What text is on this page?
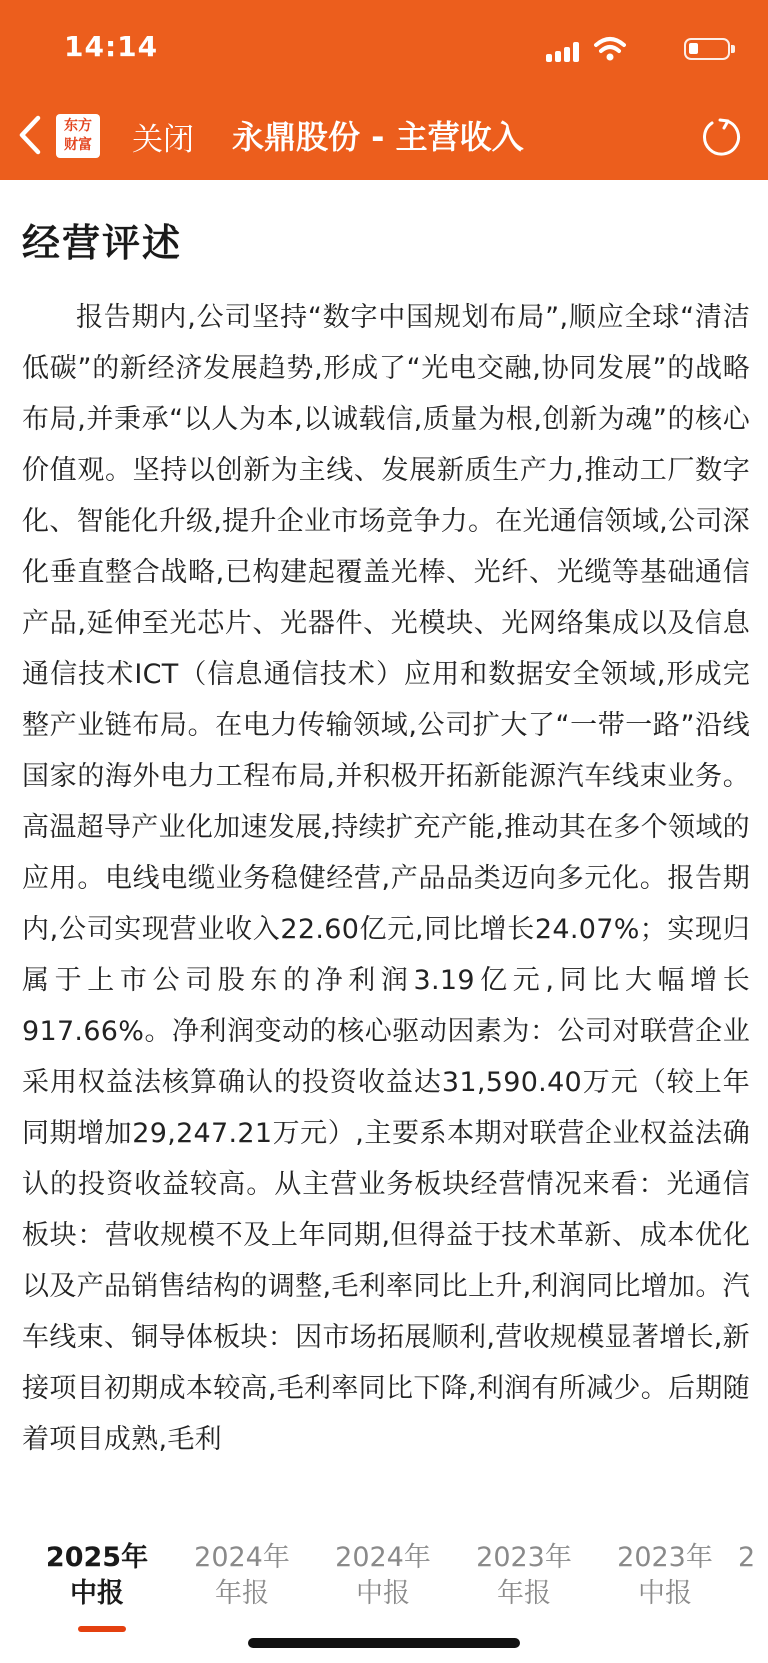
14:14
东方
财富 关闭 永鼎股份 - 主营收入
经营评述
报告期内,公司坚持“数字中国规划布局”,顺应全球“清洁低碳”的新经济发展趋势,形成了“光电交融,协同发展”的战略布局,并秉承“以人为本,以诚载信,质量为根,创新为魂”的核心价值观。坚持以创新为主线、发展新质生产力,推动工厂数字化、智能化升级,提升企业市场竞争力。在光通信领域,公司深化垂直整合战略,已构建起覆盖光棒、光纤、光缆等基础通信产品,延伸至光芯片、光器件、光模块、光网络集成以及信息通信技术ICT（信息通信技术）应用和数据安全领域,形成完整产业链布局。在电力传输领域,公司扩大了“一带一路”沿线国家的海外电力工程布局,并积极开拓新能源汽车线束业务。高温超导产业化加速发展,持续扩充产能,推动其在多个领域的应用。电线电缆业务稳健经营,产品品类迈向多元化。报告期内,公司实现营业收入22.60亿元,同比增长24.07%；实现归属于上市公司股东的净利润3.19亿元,同比大幅增长917.66%。净利润变动的核心驱动因素为：公司对联营企业采用权益法核算确认的投资收益达31,590.40万元（较上年同期增加29,247.21万元）,主要系本期对联营企业权益法确认的投资收益较高。从主营业务板块经营情况来看：光通信板块：营收规模不及上年同期,但得益于技术革新、成本优化以及产品销售结构的调整,毛利率同比上升,利润同比增加。汽车线束、铜导体板块：因市场拓展顺利,营收规模显著增长,新接项目初期成本较高,毛利率同比下降,利润有所减少。后期随着项目成熟,毛利
2025年
中报
2024年
年报
2024年
中报
2023年
年报
2023年
中报
2
